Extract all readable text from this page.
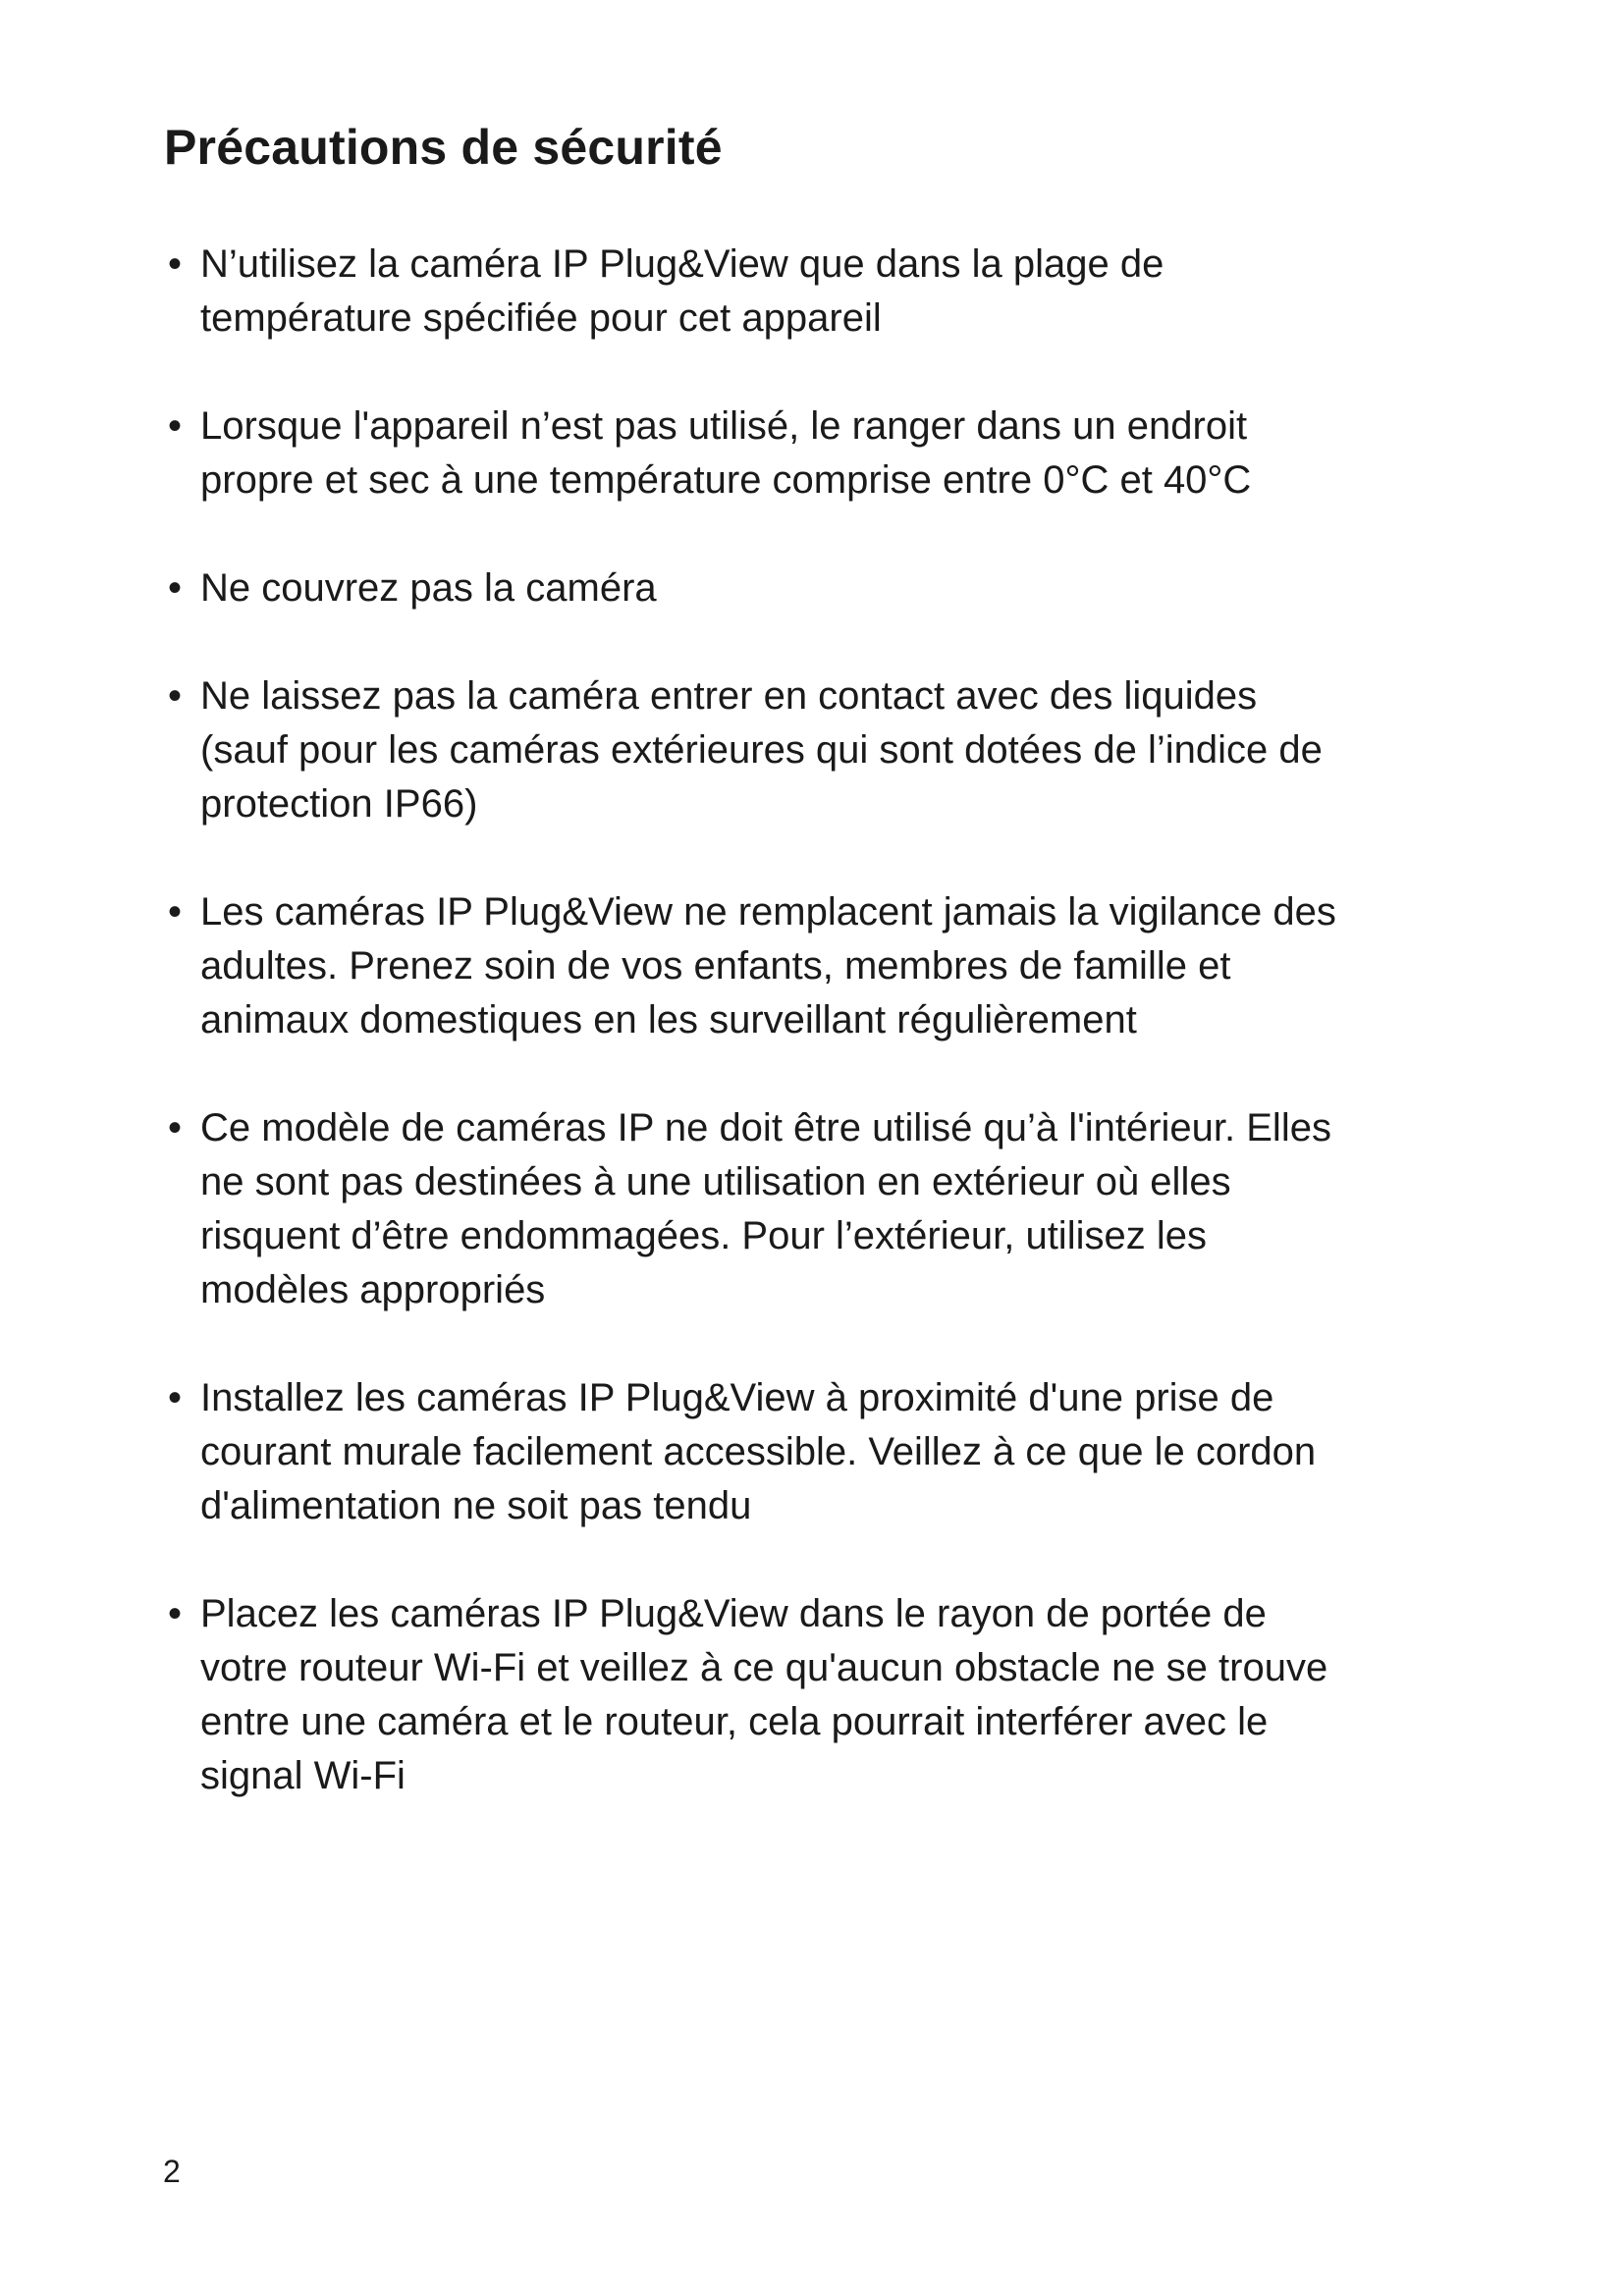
Précautions de sécurité
• N’utilisez la caméra IP Plug&View que dans la plage de
température spécifiée pour cet appareil
• Lorsque l'appareil n’est pas utilisé, le ranger dans un endroit
propre et sec à une température comprise entre 0°C et 40°C
• Ne couvrez pas la caméra
• Ne laissez pas la caméra entrer en contact avec des liquides
(sauf pour les caméras extérieures qui sont dotées de l’indice de
protection IP66)
• Les caméras IP Plug&View ne remplacent jamais la vigilance des
adultes. Prenez soin de vos enfants, membres de famille et
animaux domestiques en les surveillant régulièrement
• Ce modèle de caméras IP ne doit être utilisé qu’à l'intérieur. Elles
ne sont pas destinées à une utilisation en extérieur où elles
risquent d’être endommagées. Pour l’extérieur, utilisez les
modèles appropriés
• Installez les caméras IP Plug&View à proximité d'une prise de
courant murale facilement accessible. Veillez à ce que le cordon
d'alimentation ne soit pas tendu
• Placez les caméras IP Plug&View dans le rayon de portée de
votre routeur Wi-Fi et veillez à ce qu'aucun obstacle ne se trouve
entre une caméra et le routeur, cela pourrait interférer avec le
signal Wi-Fi
2
